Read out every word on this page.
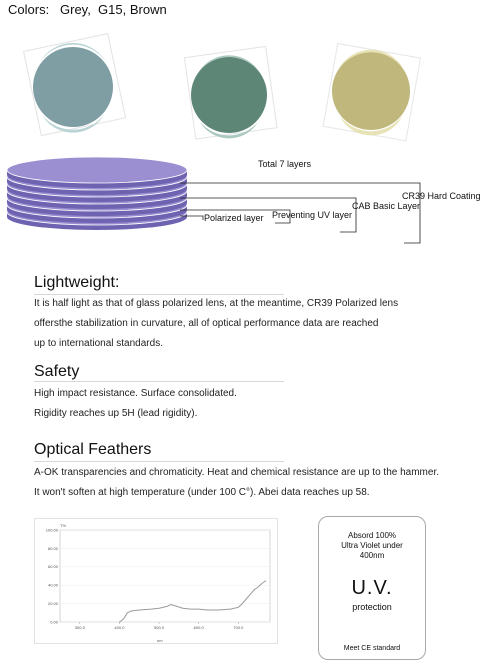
Colors:   Grey,  G15, Brown
Total 7 layers
CR39 Hard Coating
CAB Basic Layer
Preventing UV layer
Polarized layer
Lightweight:
It is half light as that of glass polarized lens, at the meantime, CR39 Polarized lens
offersthe stabilization in curvature, all of optical performance data are reached
up to international standards.
Safety
High impact resistance. Surface consolidated.
Rigidity reaches up 5H (lead rigidity).
Optical Feathers
A-OK transparencies and chromaticity. Heat and chemical resistance are up to the hammer.
It won't soften at high temperature (under 100 C°). Abei data reaches up 58.
0.00
20.00
40.00
60.00
80.00
100.00
300.0	400.0	500.0	600.0	700.0
T%
nm
Absord 100%
Ultra Violet under
400nm
U.V.
protection
Meet CE standard
